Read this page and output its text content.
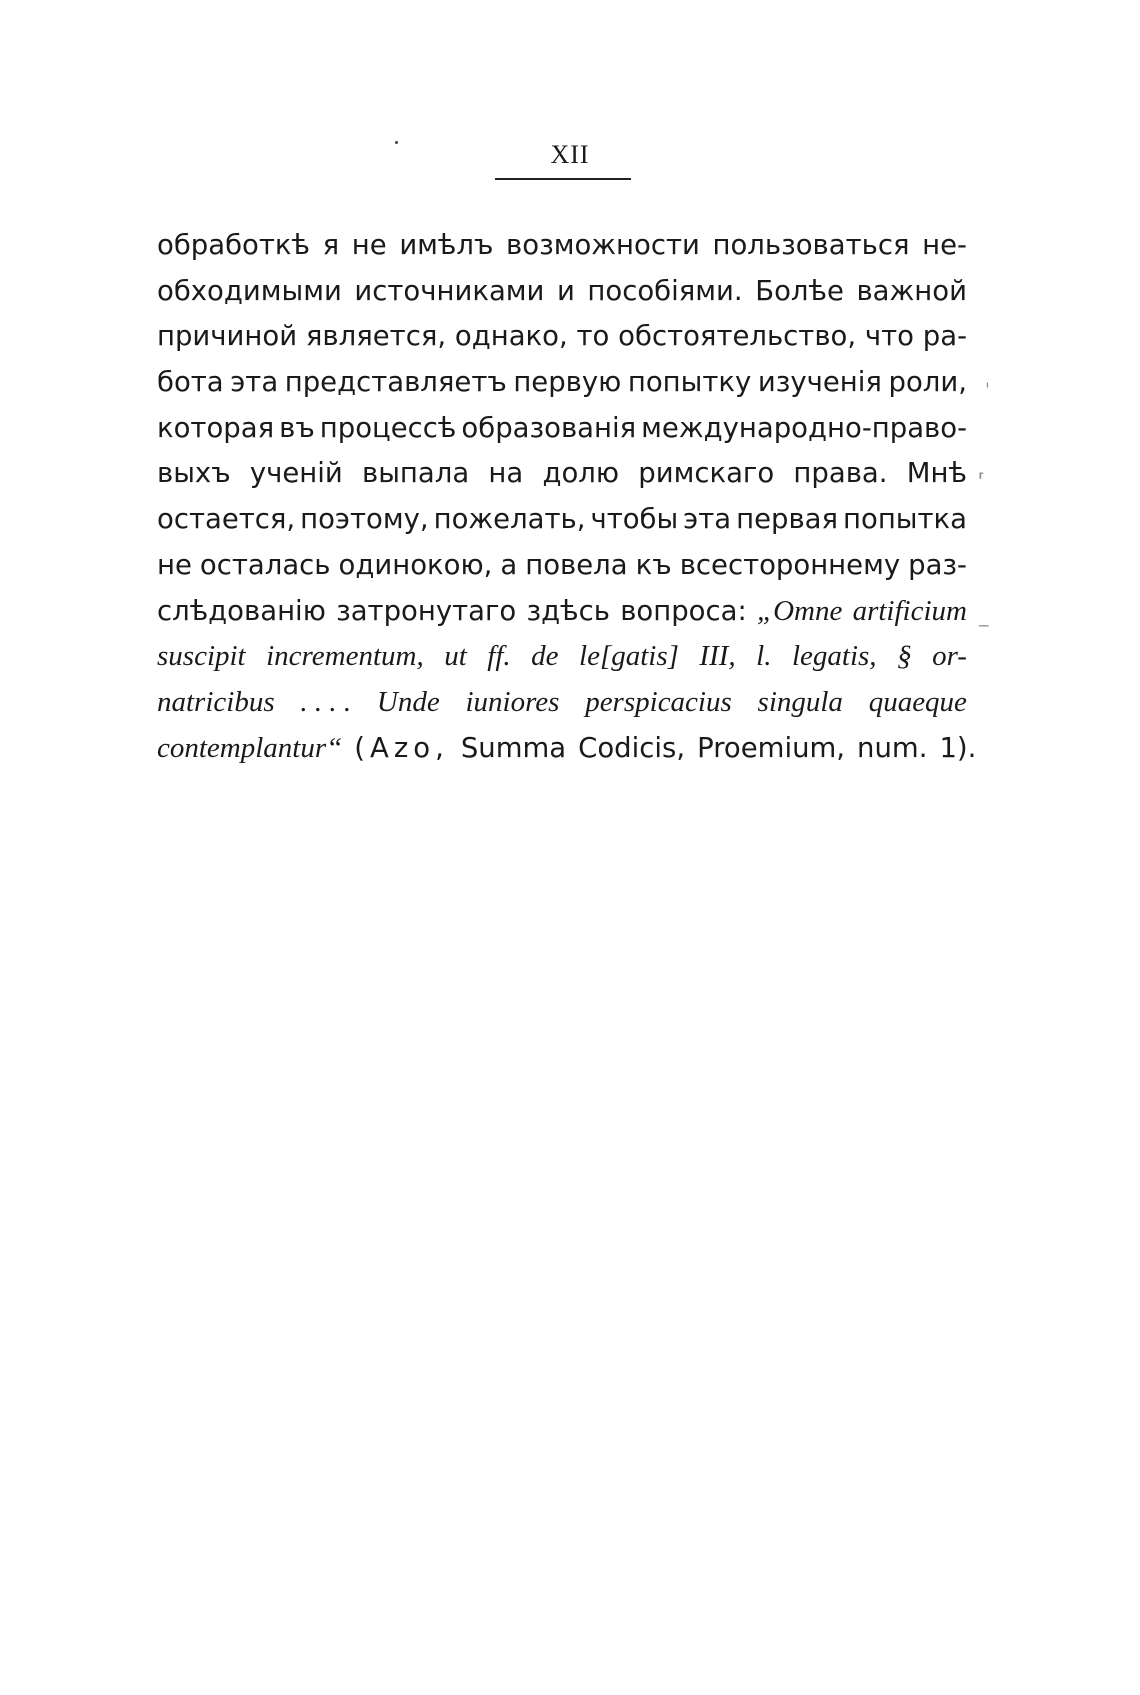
XII
обработкѣ я не имѣлъ возможности пользоваться не-
обходимыми источниками и пособіями. Болѣе важной
причиной является, однако, то обстоятельство, что ра-
бота эта представляетъ первую попытку изученія роли,
которая въ процессѣ образованія международно-право-
выхъ ученій выпала на долю римскаго права. Мнѣ
остается, поэтому, пожелать, чтобы эта первая попытка
не осталась одинокою, а повела къ всестороннему раз-
слѣдованію затронутаго здѣсь вопроса: „Omne artificium
suscipit incrementum, ut ff. de le[gatis] III, l. legatis, § or-
natricibus . . . . Unde iuniores perspicacius singula quaeque
contemplantur“ (Azo, Summa Codicis, Proemium, num. 1).
ˈ
⸢
‒
